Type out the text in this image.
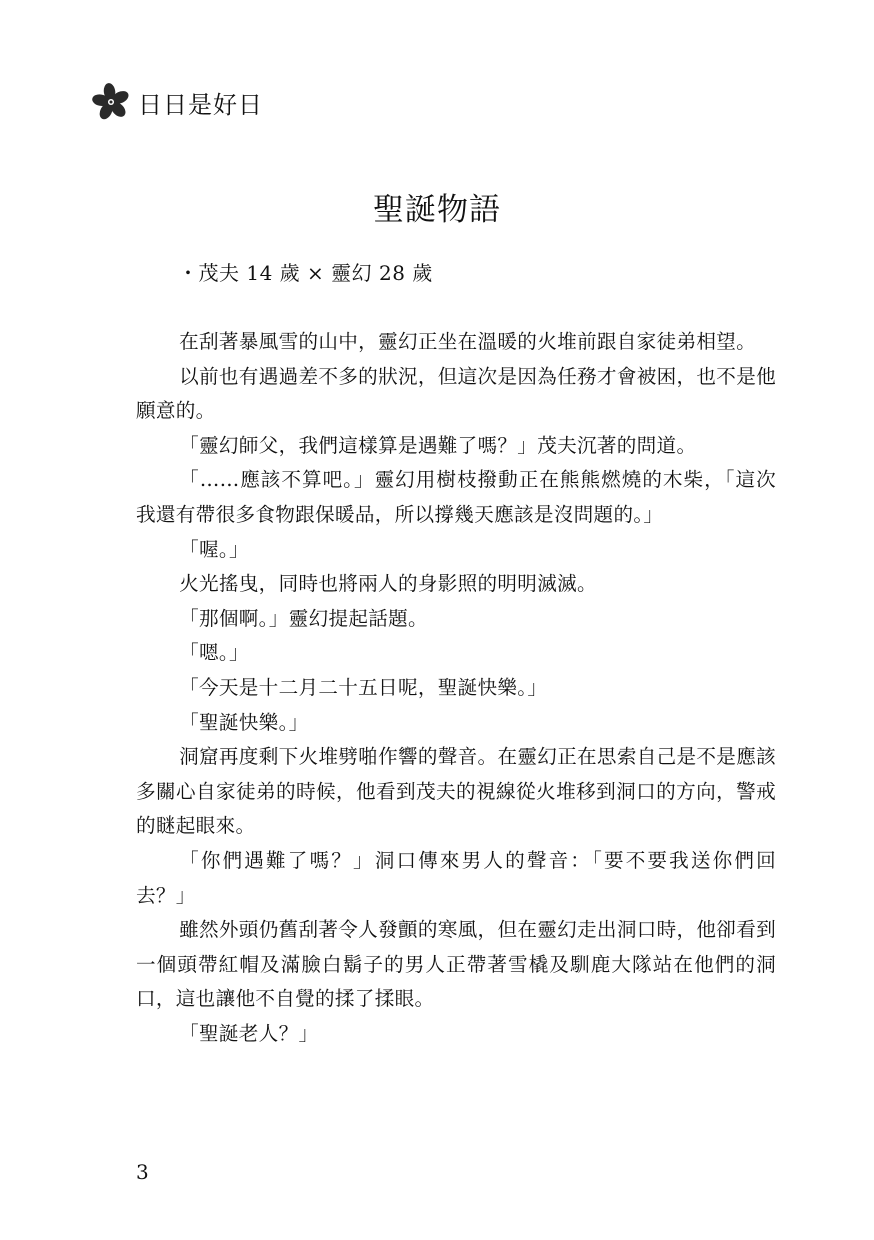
日日是好日
聖誕物語
・茂夫 14 歲 × 靈幻 28 歲

在刮著暴風雪的山中，靈幻正坐在溫暖的火堆前跟自家徒弟相望。

以前也有遇過差不多的狀況，但這次是因為任務才會被困，也不是他願意的。

「靈幻師父，我們這樣算是遇難了嗎？」茂夫沉著的問道。

「……應該不算吧。」靈幻用樹枝撥動正在熊熊燃燒的木柴，「這次我還有帶很多食物跟保暖品，所以撐幾天應該是沒問題的。」

「喔。」

火光搖曳，同時也將兩人的身影照的明明滅滅。

「那個啊。」靈幻提起話題。

「嗯。」

「今天是十二月二十五日呢，聖誕快樂。」

「聖誕快樂。」

洞窟再度剩下火堆劈啪作響的聲音。在靈幻正在思索自己是不是應該多關心自家徒弟的時候，他看到茂夫的視線從火堆移到洞口的方向，警戒的瞇起眼來。

「你們遇難了嗎？」洞口傳來男人的聲音：「要不要我送你們回去？」

雖然外頭仍舊刮著令人發顫的寒風，但在靈幻走出洞口時，他卻看到一個頭帶紅帽及滿臉白鬍子的男人正帶著雪橇及馴鹿大隊站在他們的洞口，這也讓他不自覺的揉了揉眼。

「聖誕老人？」

3
